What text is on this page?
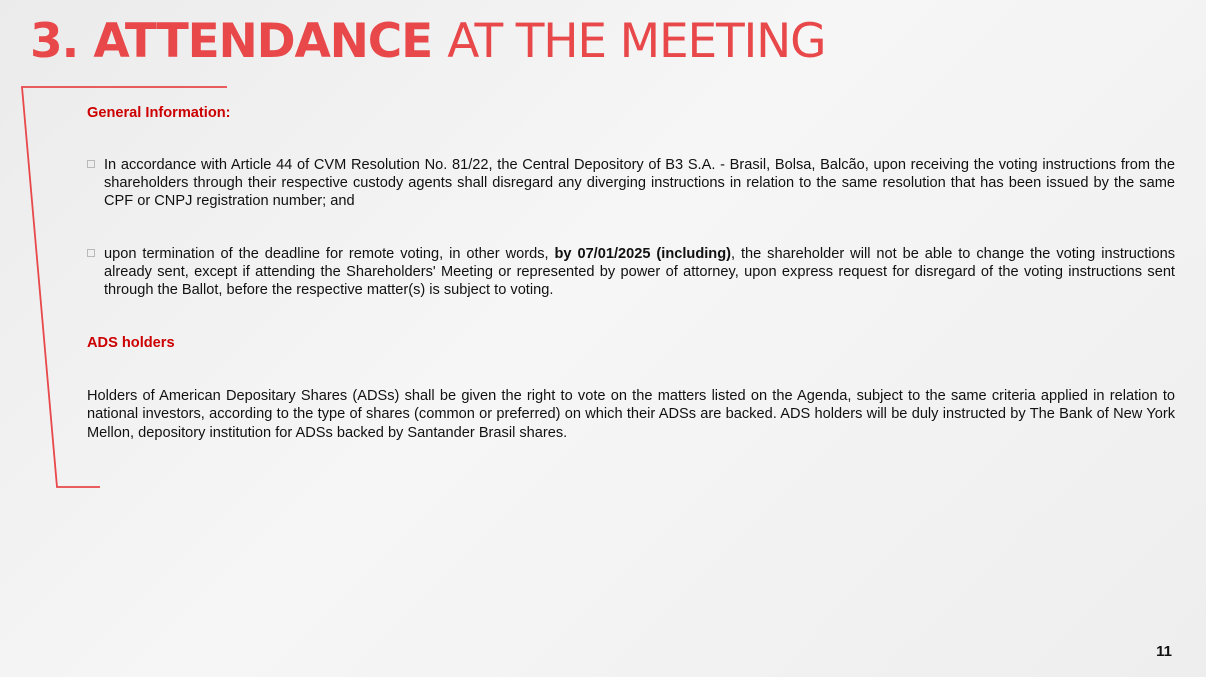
3. ATTENDANCE AT THE MEETING

General Information:

In accordance with Article 44 of CVM Resolution No. 81/22, the Central Depository of B3 S.A. - Brasil, Bolsa, Balcão, upon receiving the voting instructions from the shareholders through their respective custody agents shall disregard any diverging instructions in relation to the same resolution that has been issued by the same CPF or CNPJ registration number; and

upon termination of the deadline for remote voting, in other words, by 07/01/2025 (including), the shareholder will not be able to change the voting instructions already sent, except if attending the Shareholders' Meeting or represented by power of attorney, upon express request for disregard of the voting instructions sent through the Ballot, before the respective matter(s) is subject to voting.

ADS holders

Holders of American Depositary Shares (ADSs) shall be given the right to vote on the matters listed on the Agenda, subject to the same criteria applied in relation to national investors, according to the type of shares (common or preferred) on which their ADSs are backed. ADS holders will be duly instructed by The Bank of New York Mellon, depository institution for ADSs backed by Santander Brasil shares.

11
